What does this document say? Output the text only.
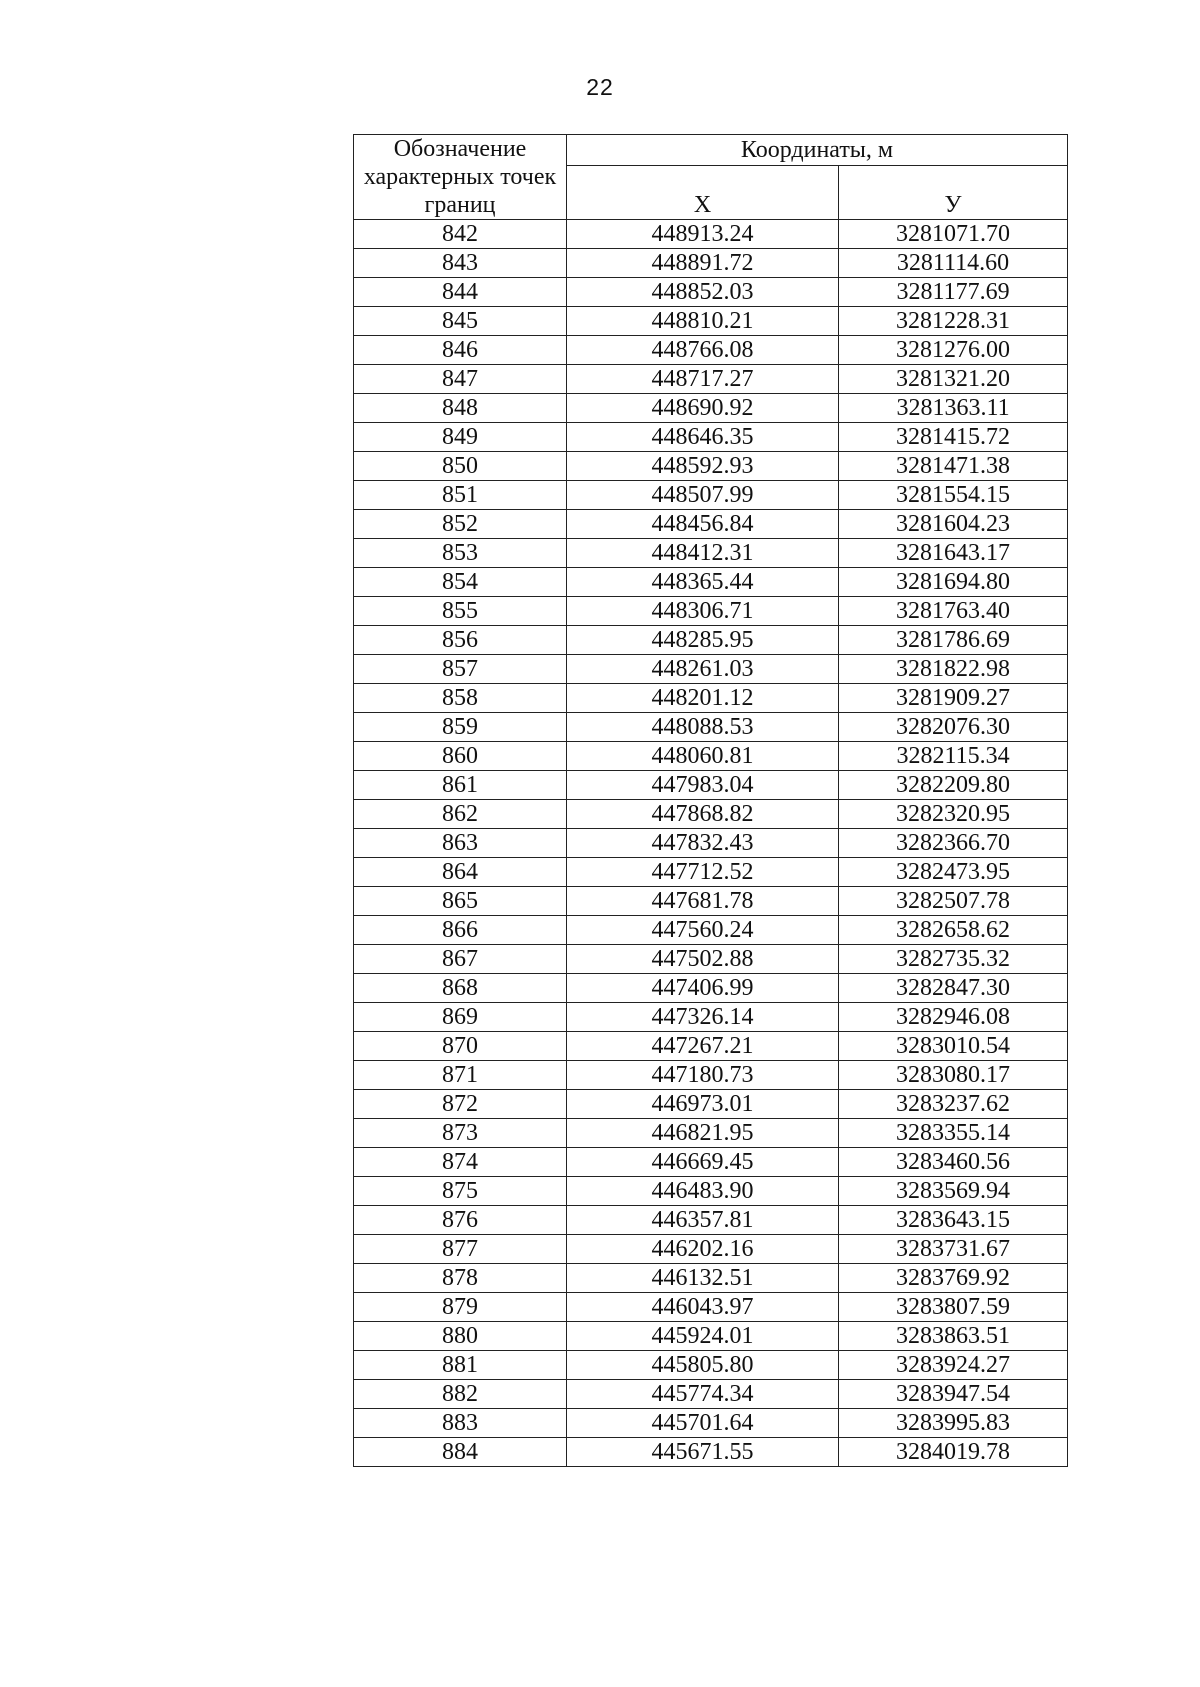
22
Обозначение характерных точек границ	Координаты, м	
	Х	У
842	448913.24	3281071.70
843	448891.72	3281114.60
844	448852.03	3281177.69
845	448810.21	3281228.31
846	448766.08	3281276.00
847	448717.27	3281321.20
848	448690.92	3281363.11
849	448646.35	3281415.72
850	448592.93	3281471.38
851	448507.99	3281554.15
852	448456.84	3281604.23
853	448412.31	3281643.17
854	448365.44	3281694.80
855	448306.71	3281763.40
856	448285.95	3281786.69
857	448261.03	3281822.98
858	448201.12	3281909.27
859	448088.53	3282076.30
860	448060.81	3282115.34
861	447983.04	3282209.80
862	447868.82	3282320.95
863	447832.43	3282366.70
864	447712.52	3282473.95
865	447681.78	3282507.78
866	447560.24	3282658.62
867	447502.88	3282735.32
868	447406.99	3282847.30
869	447326.14	3282946.08
870	447267.21	3283010.54
871	447180.73	3283080.17
872	446973.01	3283237.62
873	446821.95	3283355.14
874	446669.45	3283460.56
875	446483.90	3283569.94
876	446357.81	3283643.15
877	446202.16	3283731.67
878	446132.51	3283769.92
879	446043.97	3283807.59
880	445924.01	3283863.51
881	445805.80	3283924.27
882	445774.34	3283947.54
883	445701.64	3283995.83
884	445671.55	3284019.78
